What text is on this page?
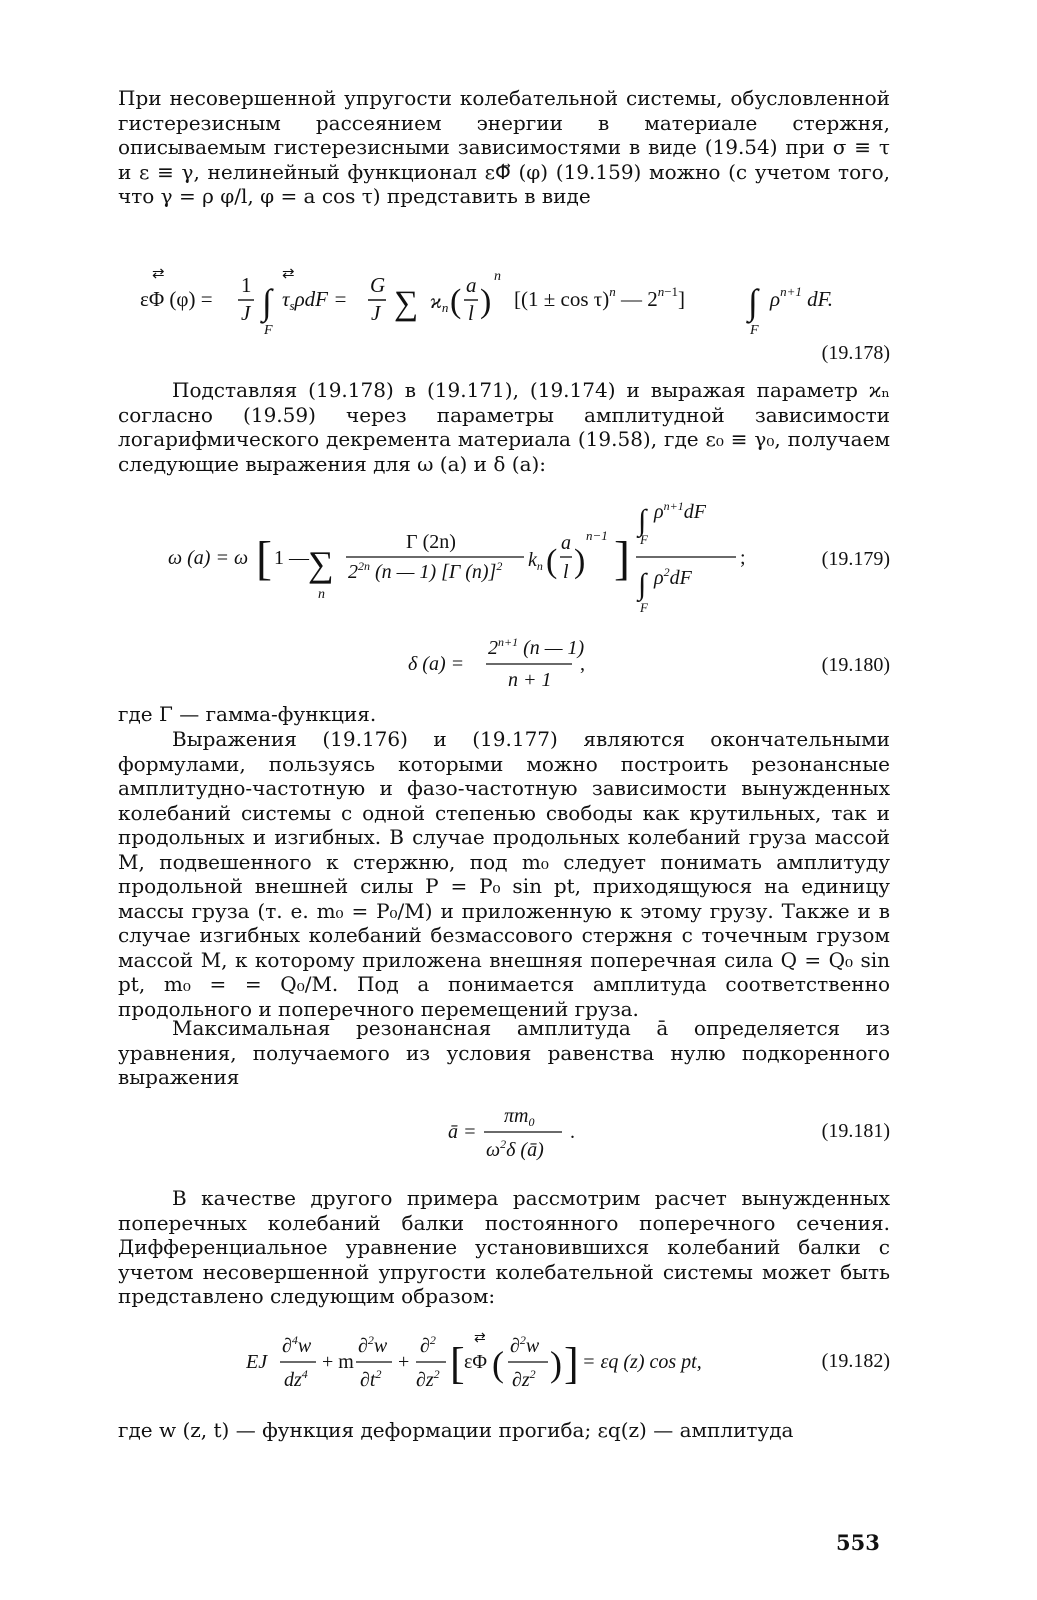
При несовершенной упругости колебательной системы, обусловленной гистерезисным рассеянием энергии в материале стержня, описываемым гистерезисными зависимостями в виде (19.54) при σ ≡ τ и ε ≡ γ, нелинейный функционал εΦ⃡ (φ) (19.159) можно (с учетом того, что γ = ρ φ/l, φ = a cos τ) представить в виде

εΦ (φ) =
⇄	1
J ∫
F
⇄
τsρdF =
G
J ∑ ϰn ( a
l )
n
[$(1 \pm \cos \tau)^n$ — $2^n-1$] ∫
F
$\rho^{n+1}$ dF.
(19.178)

Подставляя (19.178) в (19.171), (19.174) и выражая параметр ϰₙ согласно (19.59) через параметры амплитудной зависимости логарифмического декремента материала (19.58), где ε₀ ≡ γ₀, получаем следующие выражения для ω (a) и δ (a):

ω (a) = ω [ 1 — ∑
n
Γ (2n)
$2^{2n}$ (n — 1) [Γ (n)]$^2$ $k_n$ ( a
l )
n−1 ]
∫
F
$\rho^{n+1}dF$
∫
F
$\rho^2dF$
;	(19.179)
δ (a) =
$2^{n+1}$ (n — 1)
n + 1
,	(19.180)

где Γ — гамма-функция.

Выражения (19.176) и (19.177) являются окончательными формулами, пользуясь которыми можно построить резонансные амплитудно-частотную и фазо-частотную зависимости вынужденных колебаний системы с одной степенью свободы как крутильных, так и продольных и изгибных. В случае продольных колебаний груза массой M, подвешенного к стержню, под m₀ следует понимать амплитуду продольной внешней силы P = P₀ sin pt, приходящуюся на единицу массы груза (т. е. m₀ = P₀/M) и приложенную к этому грузу. Также и в случае изгибных колебаний безмассового стержня с точечным грузом массой M, к которому приложена внешняя поперечная сила Q = Q₀ sin pt, m₀ = = Q₀/M. Под a понимается амплитуда соответственно продольного и поперечного перемещений груза.

Максимальная резонансная амплитуда ā определяется из уравнения, получаемого из условия равенства нулю подкоренного выражения

ā =
$\pi m_0$
$\omega^2\delta$ (ā)
.	(19.181)

В качестве другого примера рассмотрим расчет вынужденных поперечных колебаний балки постоянного поперечного сечения. Дифференциальное уравнение установившихся колебаний балки с учетом несовершенной упругости колебательной системы может быть представлено следующим образом:

EJ
∂$^4$w
$dz^4$
+ m
∂$^2$w
$\partial t^2$
+
∂$^2$
$\partial z^2$ [ εΦ
⇄
( ∂$^2$w
$\partial z^2$ ) ] = εq (z) cos pt,	(19.182)

где w (z, t) — функция деформации прогиба; εq(z) — амплитуда

553
